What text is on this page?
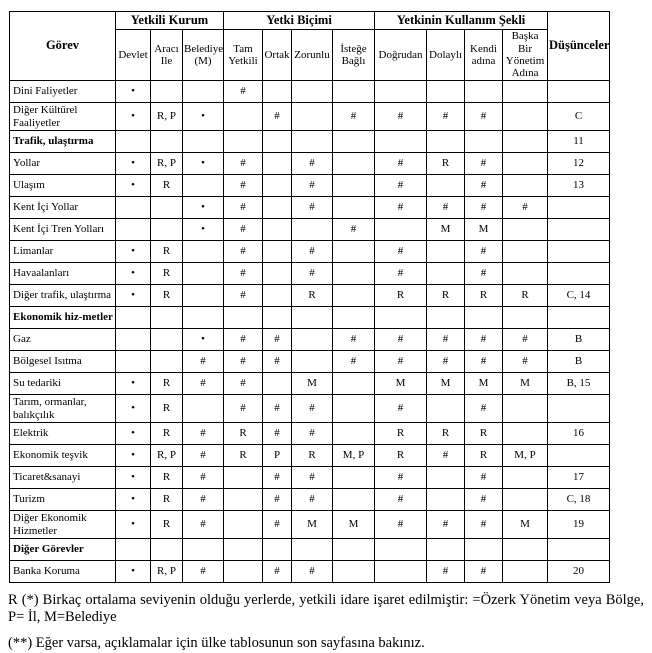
Görev	Yetkili Kurum			Yetki Biçimi				Yetkinin Kullanım Şekli				Düşünceler
	Devlet	Aracı Ile	Belediye (M)	Tam Yetkili	Ortak	Zorunlu	İsteğe Bağlı	Doğrudan	Dolaylı	Kendi adına	Başka Bir Yönetim Adına	
Dini Faliyetler	•			#								
Diğer Kültürel Faaliyetler	•	R, P	•		#		#	#	#	#		C
Trafik, ulaştırma												11
Yollar	•	R, P	•	#		#		#	R	#		12
Ulaşım	•	R		#		#		#		#		13
Kent İçi Yollar			•	#		#		#	#	#	#	
Kent İçi Tren Yolları			•	#			#		M	M		
Limanlar	•	R		#		#		#		#		
Havaalanları	•	R		#		#		#		#		
Diğer trafik, ulaştırma	•	R		#		R		R	R	R	R	C, 14
Ekonomik hiz-metler												
Gaz			•	#	#		#	#	#	#	#	B
Bölgesel Isıtma			#	#	#		#	#	#	#	#	B
Su tedariki	•	R	#	#		M		M	M	M	M	B, 15
Tarım, ormanlar, balıkçılık	•	R		#	#	#		#		#		
Elektrik	•	R	#	R	#	#		R	R	R		16
Ekonomik teşvik	•	R, P	#	R	P	R	M, P	R	#	R	M, P	
Ticaret&sanayi	•	R	#		#	#		#		#		17
Turizm	•	R	#		#	#		#		#		C, 18
Diğer Ekonomik Hizmetler	•	R	#		#	M	M	#	#	#	M	19
Diğer Görevler												
Banka Koruma	•	R, P	#		#	#			#	#		20

R (*) Birkaç ortalama seviyenin olduğu yerlerde, yetkili idare işaret edilmiştir: =Özerk Yönetim veya Bölge, P= İl, M=Belediye

(**) Eğer varsa, açıklamalar için ülke tablosunun son sayfasına bakınız.
